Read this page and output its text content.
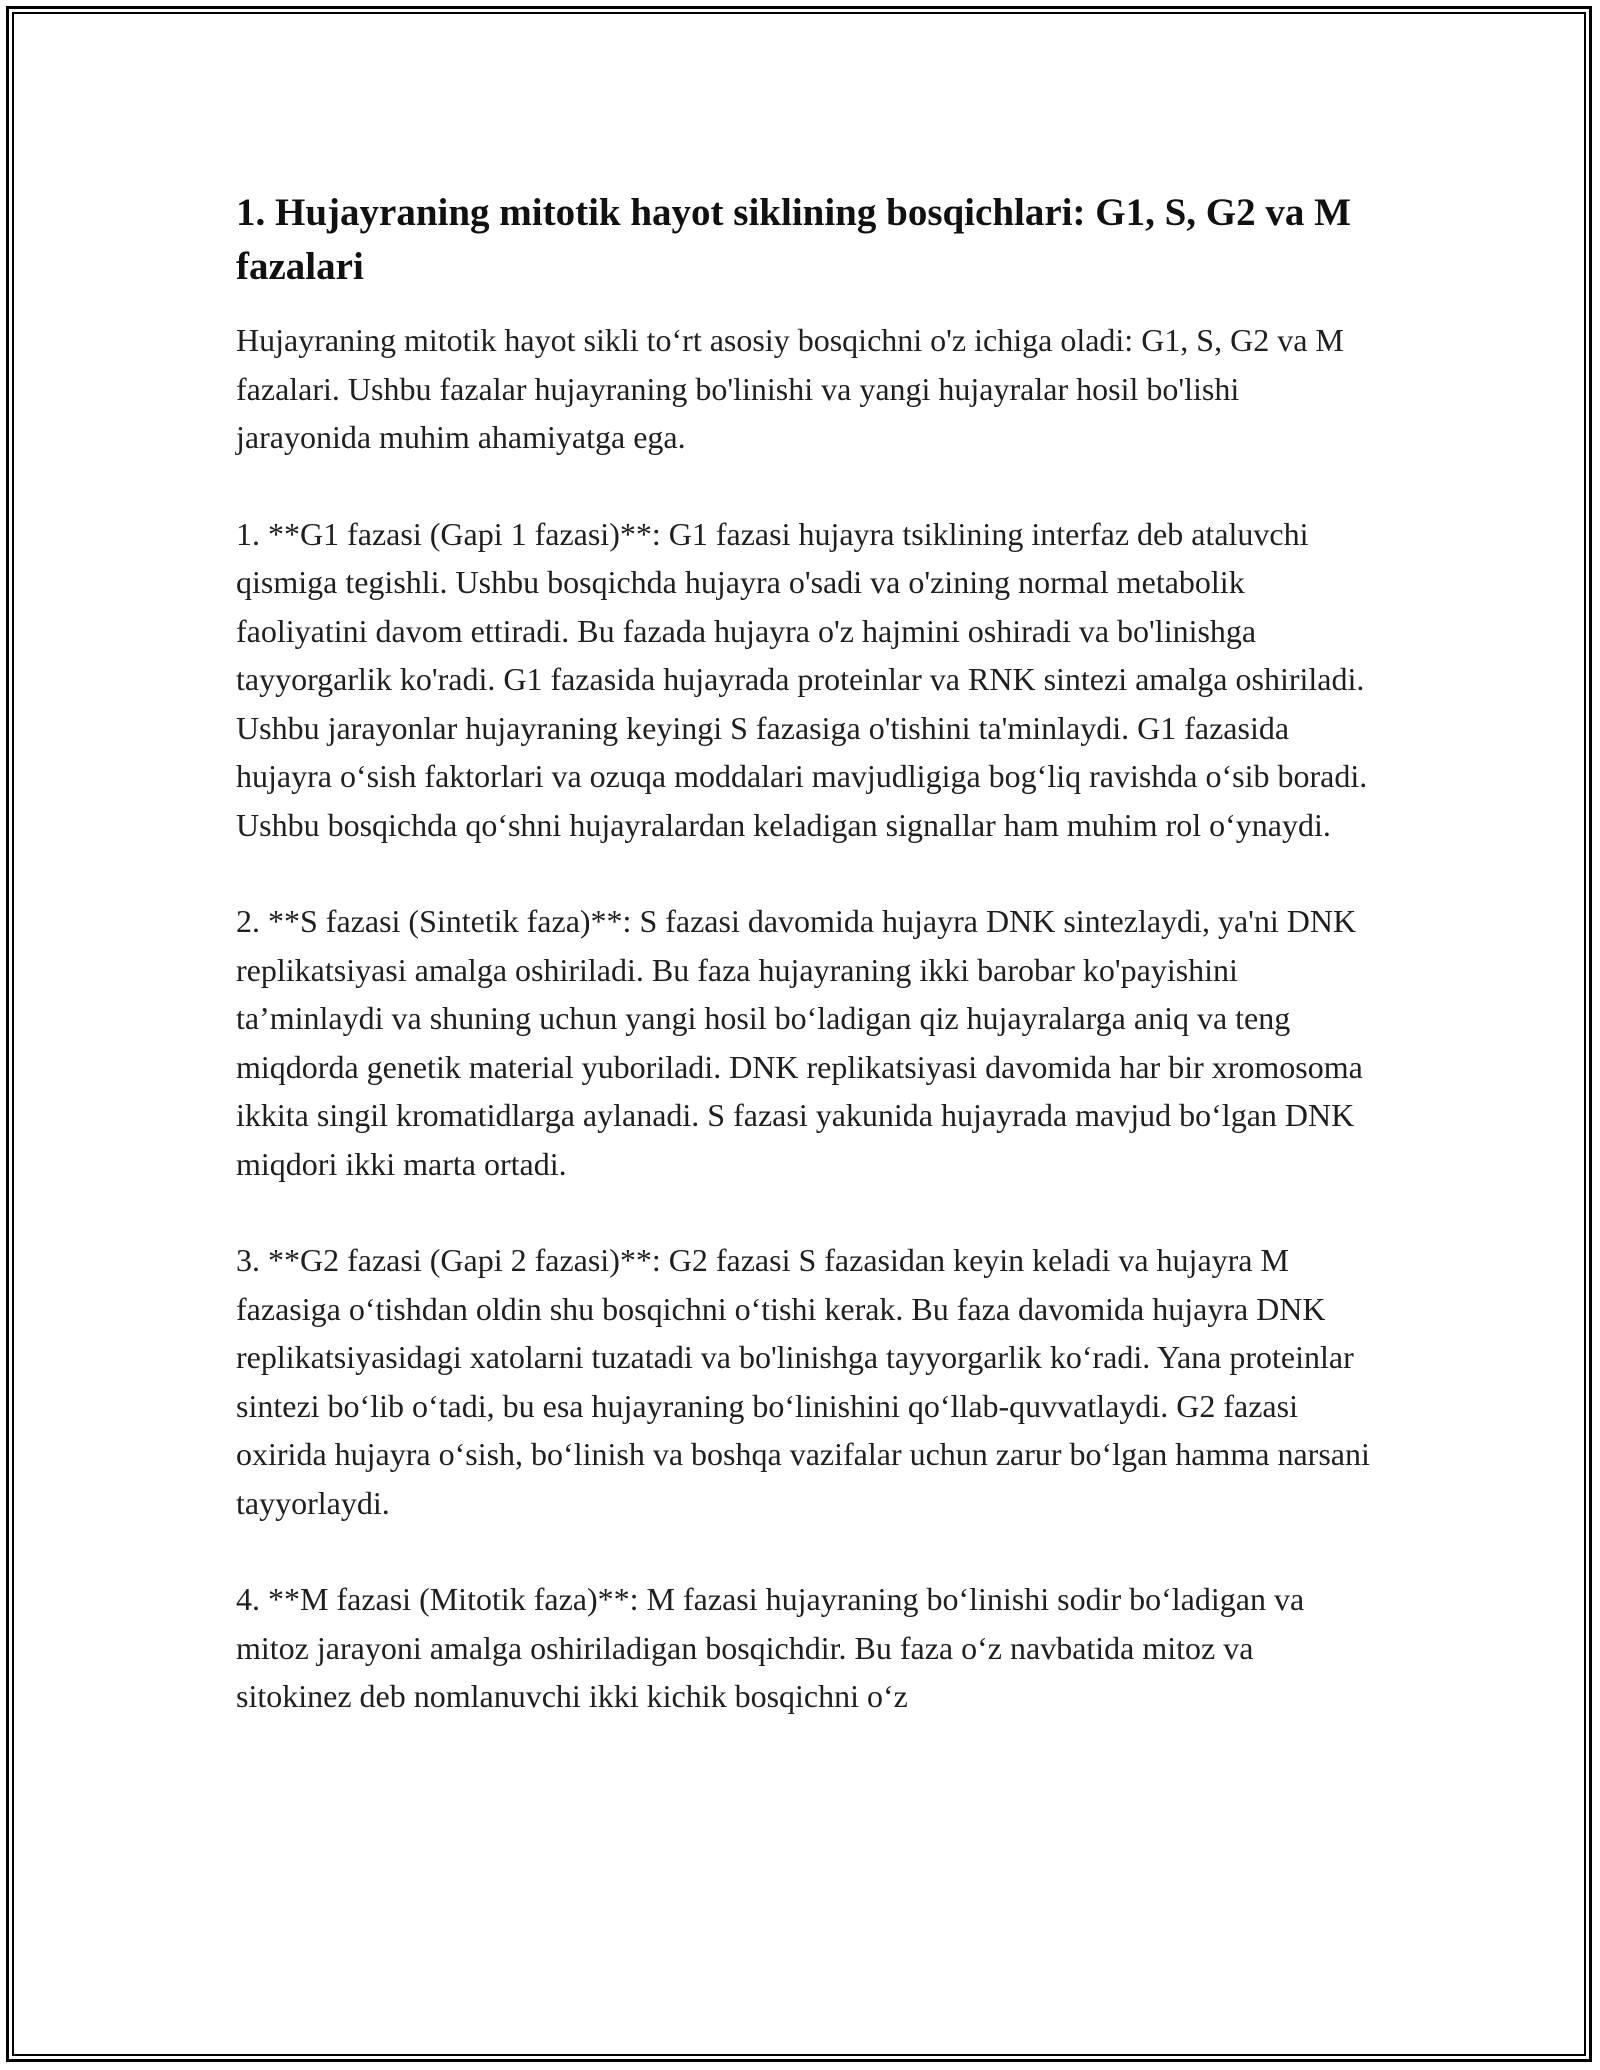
1. Hujayraning mitotik hayot siklining bosqichlari: G1, S, G2 va M fazalari

Hujayraning mitotik hayot sikli to‘rt asosiy bosqichni o'z ichiga oladi: G1, S, G2 va M fazalari. Ushbu fazalar hujayraning bo'linishi va yangi hujayralar hosil bo'lishi jarayonida muhim ahamiyatga ega.

1. **G1 fazasi (Gapi 1 fazasi)**: G1 fazasi hujayra tsiklining interfaz deb ataluvchi qismiga tegishli. Ushbu bosqichda hujayra o'sadi va o'zining normal metabolik faoliyatini davom ettiradi. Bu fazada hujayra o'z hajmini oshiradi va bo'linishga tayyorgarlik ko'radi. G1 fazasida hujayrada proteinlar va RNK sintezi amalga oshiriladi. Ushbu jarayonlar hujayraning keyingi S fazasiga o'tishini ta'minlaydi. G1 fazasida hujayra o‘sish faktorlari va ozuqa moddalari mavjudligiga bog‘liq ravishda o‘sib boradi. Ushbu bosqichda qo‘shni hujayralardan keladigan signallar ham muhim rol o‘ynaydi.

2. **S fazasi (Sintetik faza)**: S fazasi davomida hujayra DNK sintezlaydi, ya'ni DNK replikatsiyasi amalga oshiriladi. Bu faza hujayraning ikki barobar ko'payishini ta’minlaydi va shuning uchun yangi hosil bo‘ladigan qiz hujayralarga aniq va teng miqdorda genetik material yuboriladi. DNK replikatsiyasi davomida har bir xromosoma ikkita singil kromatidlarga aylanadi. S fazasi yakunida hujayrada mavjud bo‘lgan DNK miqdori ikki marta ortadi.

3. **G2 fazasi (Gapi 2 fazasi)**: G2 fazasi S fazasidan keyin keladi va hujayra M fazasiga o‘tishdan oldin shu bosqichni o‘tishi kerak. Bu faza davomida hujayra DNK replikatsiyasidagi xatolarni tuzatadi va bo'linishga tayyorgarlik ko‘radi. Yana proteinlar sintezi bo‘lib o‘tadi, bu esa hujayraning bo‘linishini qo‘llab-quvvatlaydi. G2 fazasi oxirida hujayra o‘sish, bo‘linish va boshqa vazifalar uchun zarur bo‘lgan hamma narsani tayyorlaydi.

4. **M fazasi (Mitotik faza)**: M fazasi hujayraning bo‘linishi sodir bo‘ladigan va mitoz jarayoni amalga oshiriladigan bosqichdir. Bu faza o‘z navbatida mitoz va sitokinez deb nomlanuvchi ikki kichik bosqichni o‘z
